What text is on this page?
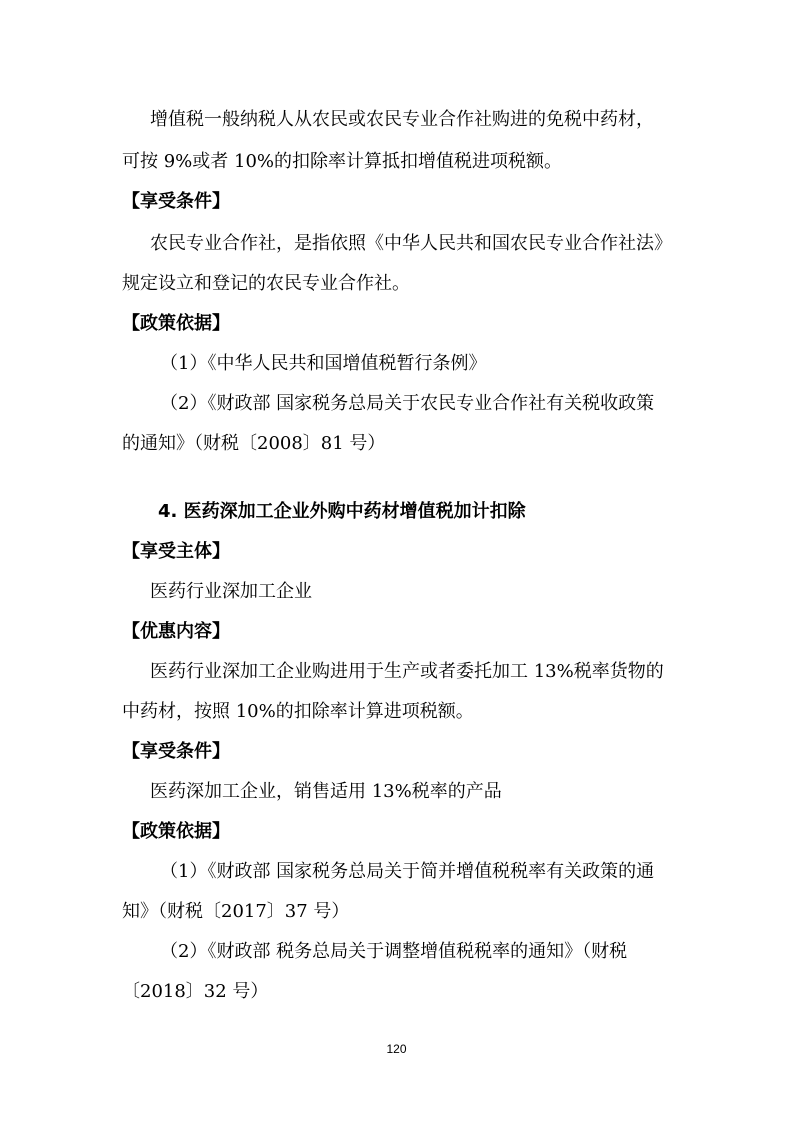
增值税一般纳税人从农民或农民专业合作社购进的免税中药材，
可按 9%或者 10%的扣除率计算抵扣增值税进项税额。
【享受条件】
农民专业合作社，是指依照《中华人民共和国农民专业合作社法》
规定设立和登记的农民专业合作社。
【政策依据】
（1）《中华人民共和国增值税暂行条例》
（2）《财政部 国家税务总局关于农民专业合作社有关税收政策
的通知》（财税〔2008〕81 号）
4. 医药深加工企业外购中药材增值税加计扣除
【享受主体】
医药行业深加工企业
【优惠内容】
医药行业深加工企业购进用于生产或者委托加工 13%税率货物的
中药材，按照 10%的扣除率计算进项税额。
【享受条件】
医药深加工企业，销售适用 13%税率的产品
【政策依据】
（1）《财政部 国家税务总局关于简并增值税税率有关政策的通
知》（财税〔2017〕37 号）
（2）《财政部 税务总局关于调整增值税税率的通知》（财税
〔2018〕32 号）
120
